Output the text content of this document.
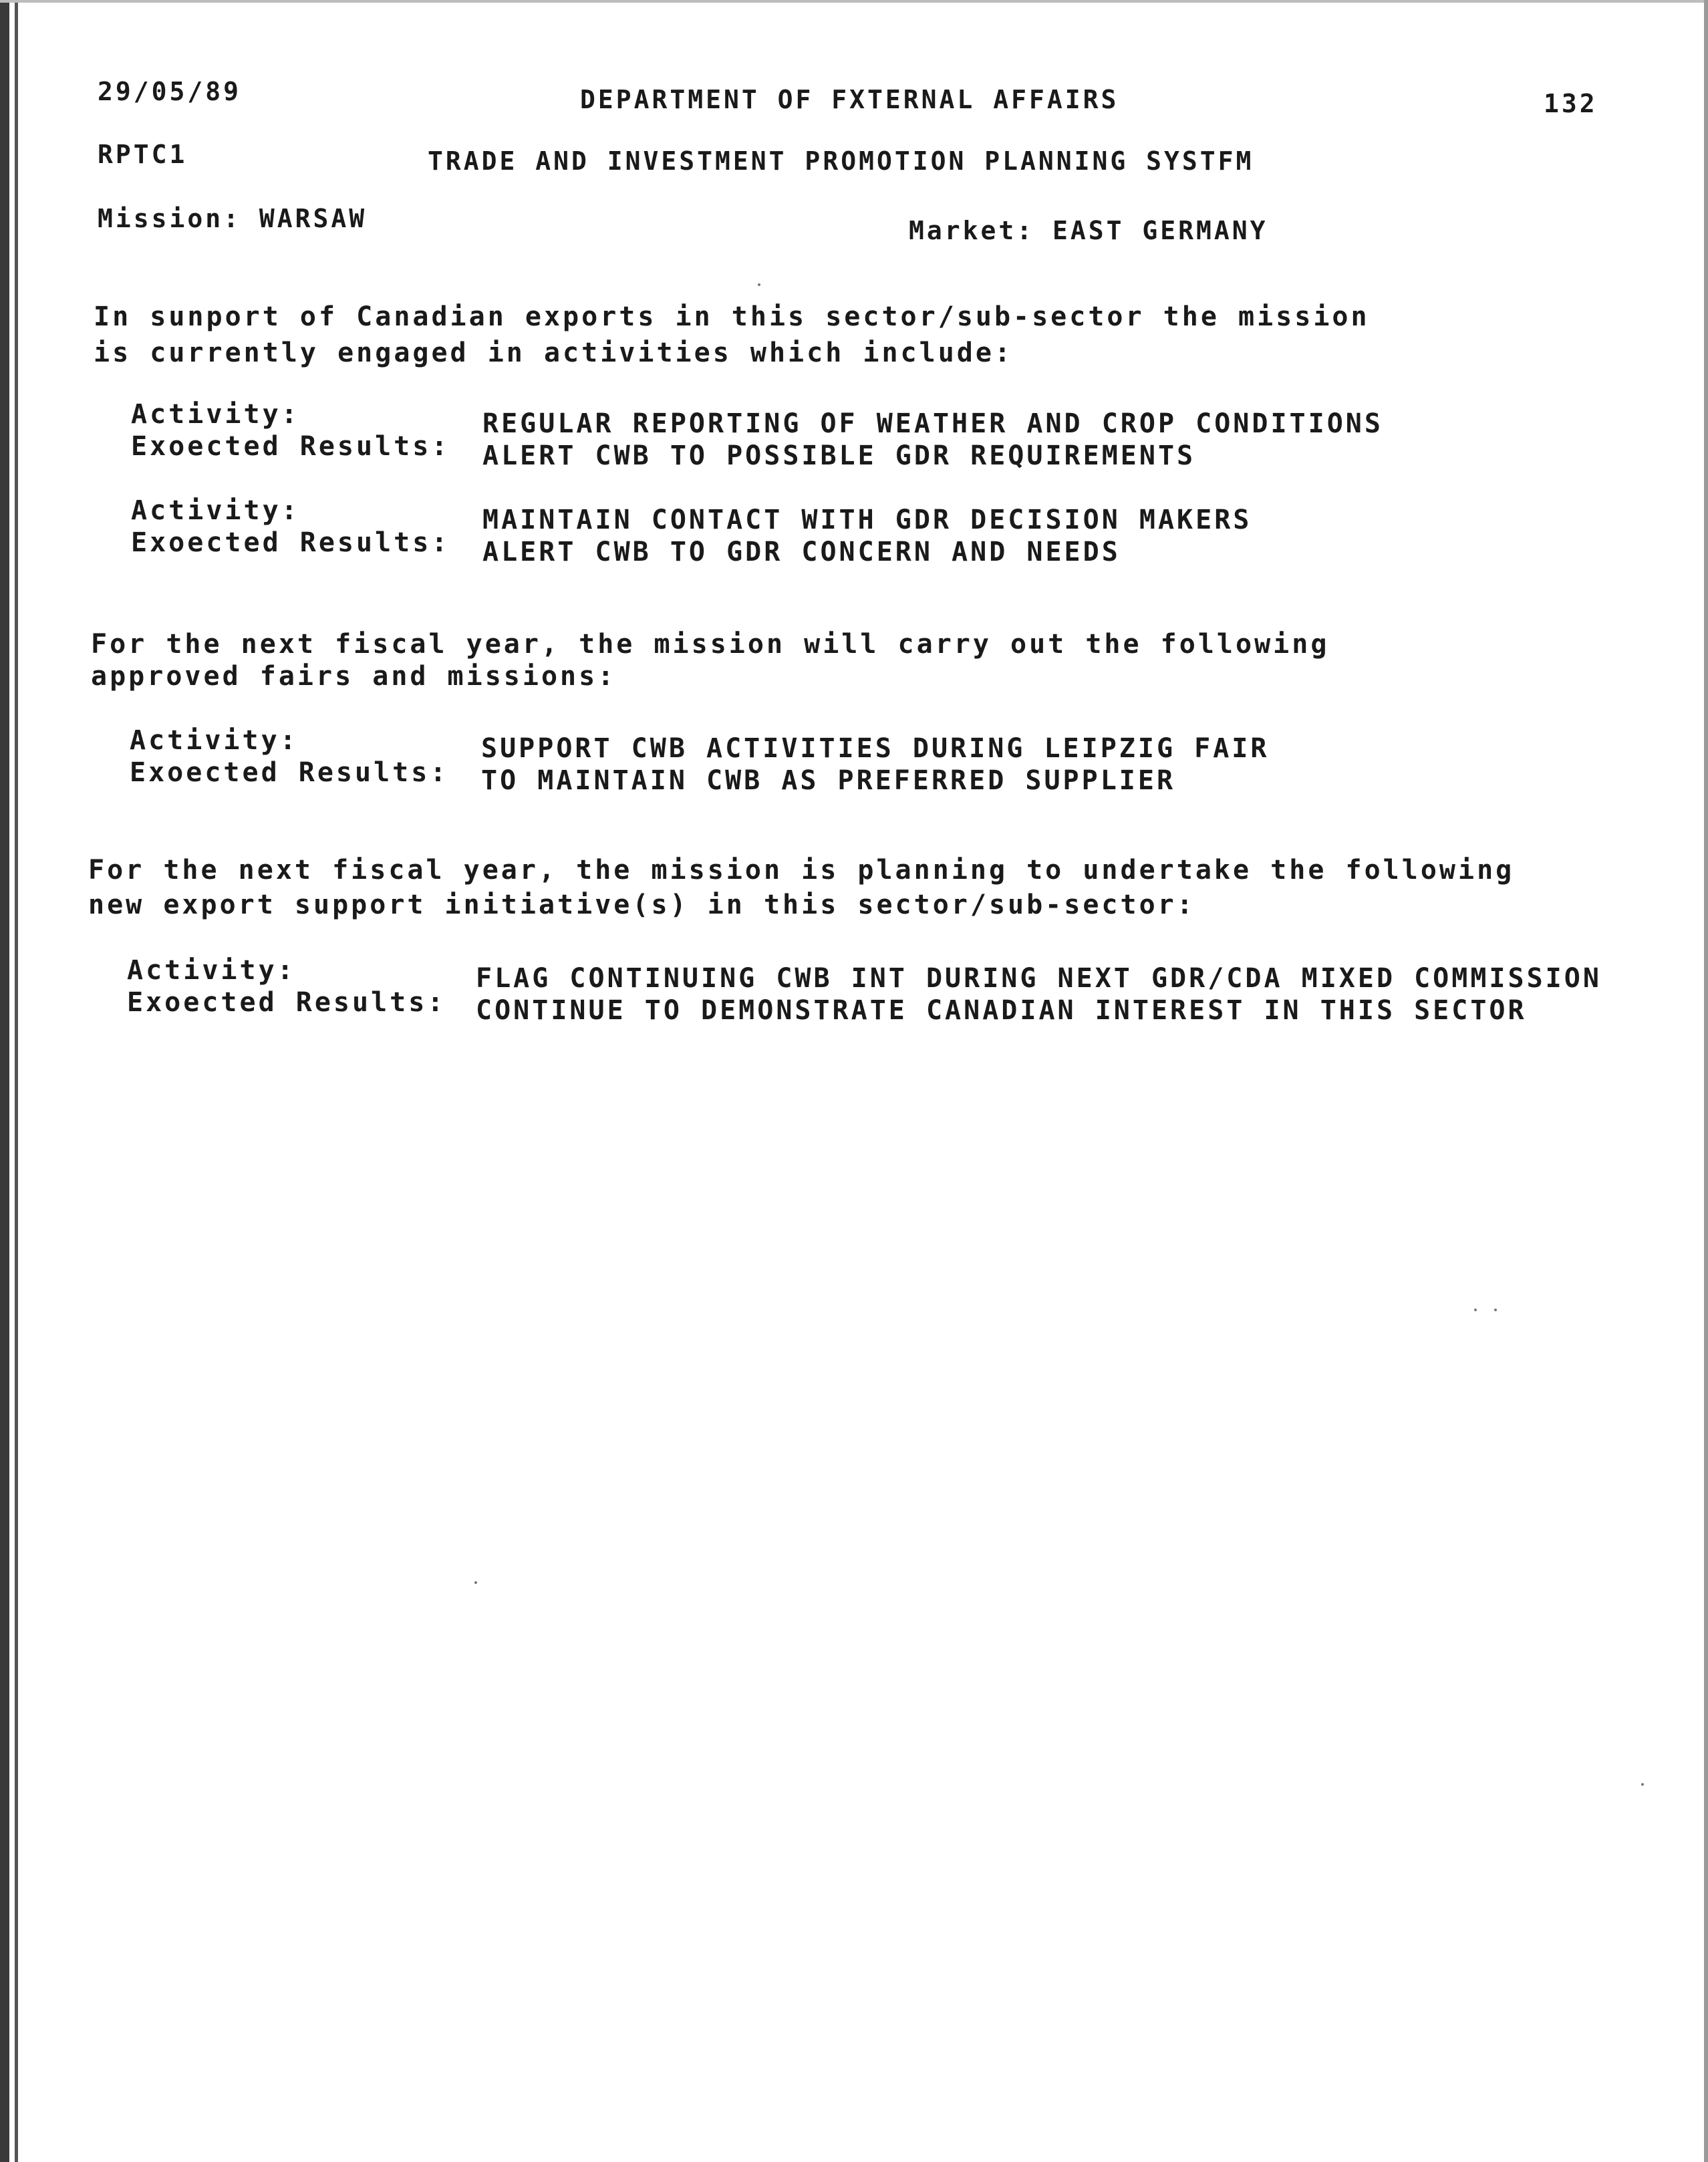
29/05/89	DEPARTMENT OF FXTERNAL AFFAIRS	132
RPTC1	TRADE AND INVESTMENT PROMOTION PLANNING SYSTFM
Mission: WARSAW	Market: EAST GERMANY
In sunport of Canadian exports in this sector/sub-sector the mission
is currently engaged in activities which include:
Activity:	REGULAR REPORTING OF WEATHER AND CROP CONDITIONS
Exoected Results: ALERT CWB TO POSSIBLE GDR REQUIREMENTS
Activity:	MAINTAIN CONTACT WITH GDR DECISION MAKERS
Exoected Results: ALERT CWB TO GDR CONCERN AND NEEDS
For the next fiscal year, the mission will carry out the following
approved fairs and missions:
Activity:	SUPPORT CWB ACTIVITIES DURING LEIPZIG FAIR
Exoected Results: TO MAINTAIN CWB AS PREFERRED SUPPLIER
For the next fiscal year, the mission is planning to undertake the following
new export support initiative(s) in this sector/sub-sector:
Activity:	FLAG CONTINUING CWB INT DURING NEXT GDR/CDA MIXED COMMISSION
Exoected Results: CONTINUE TO DEMONSTRATE CANADIAN INTEREST IN THIS SECTOR
